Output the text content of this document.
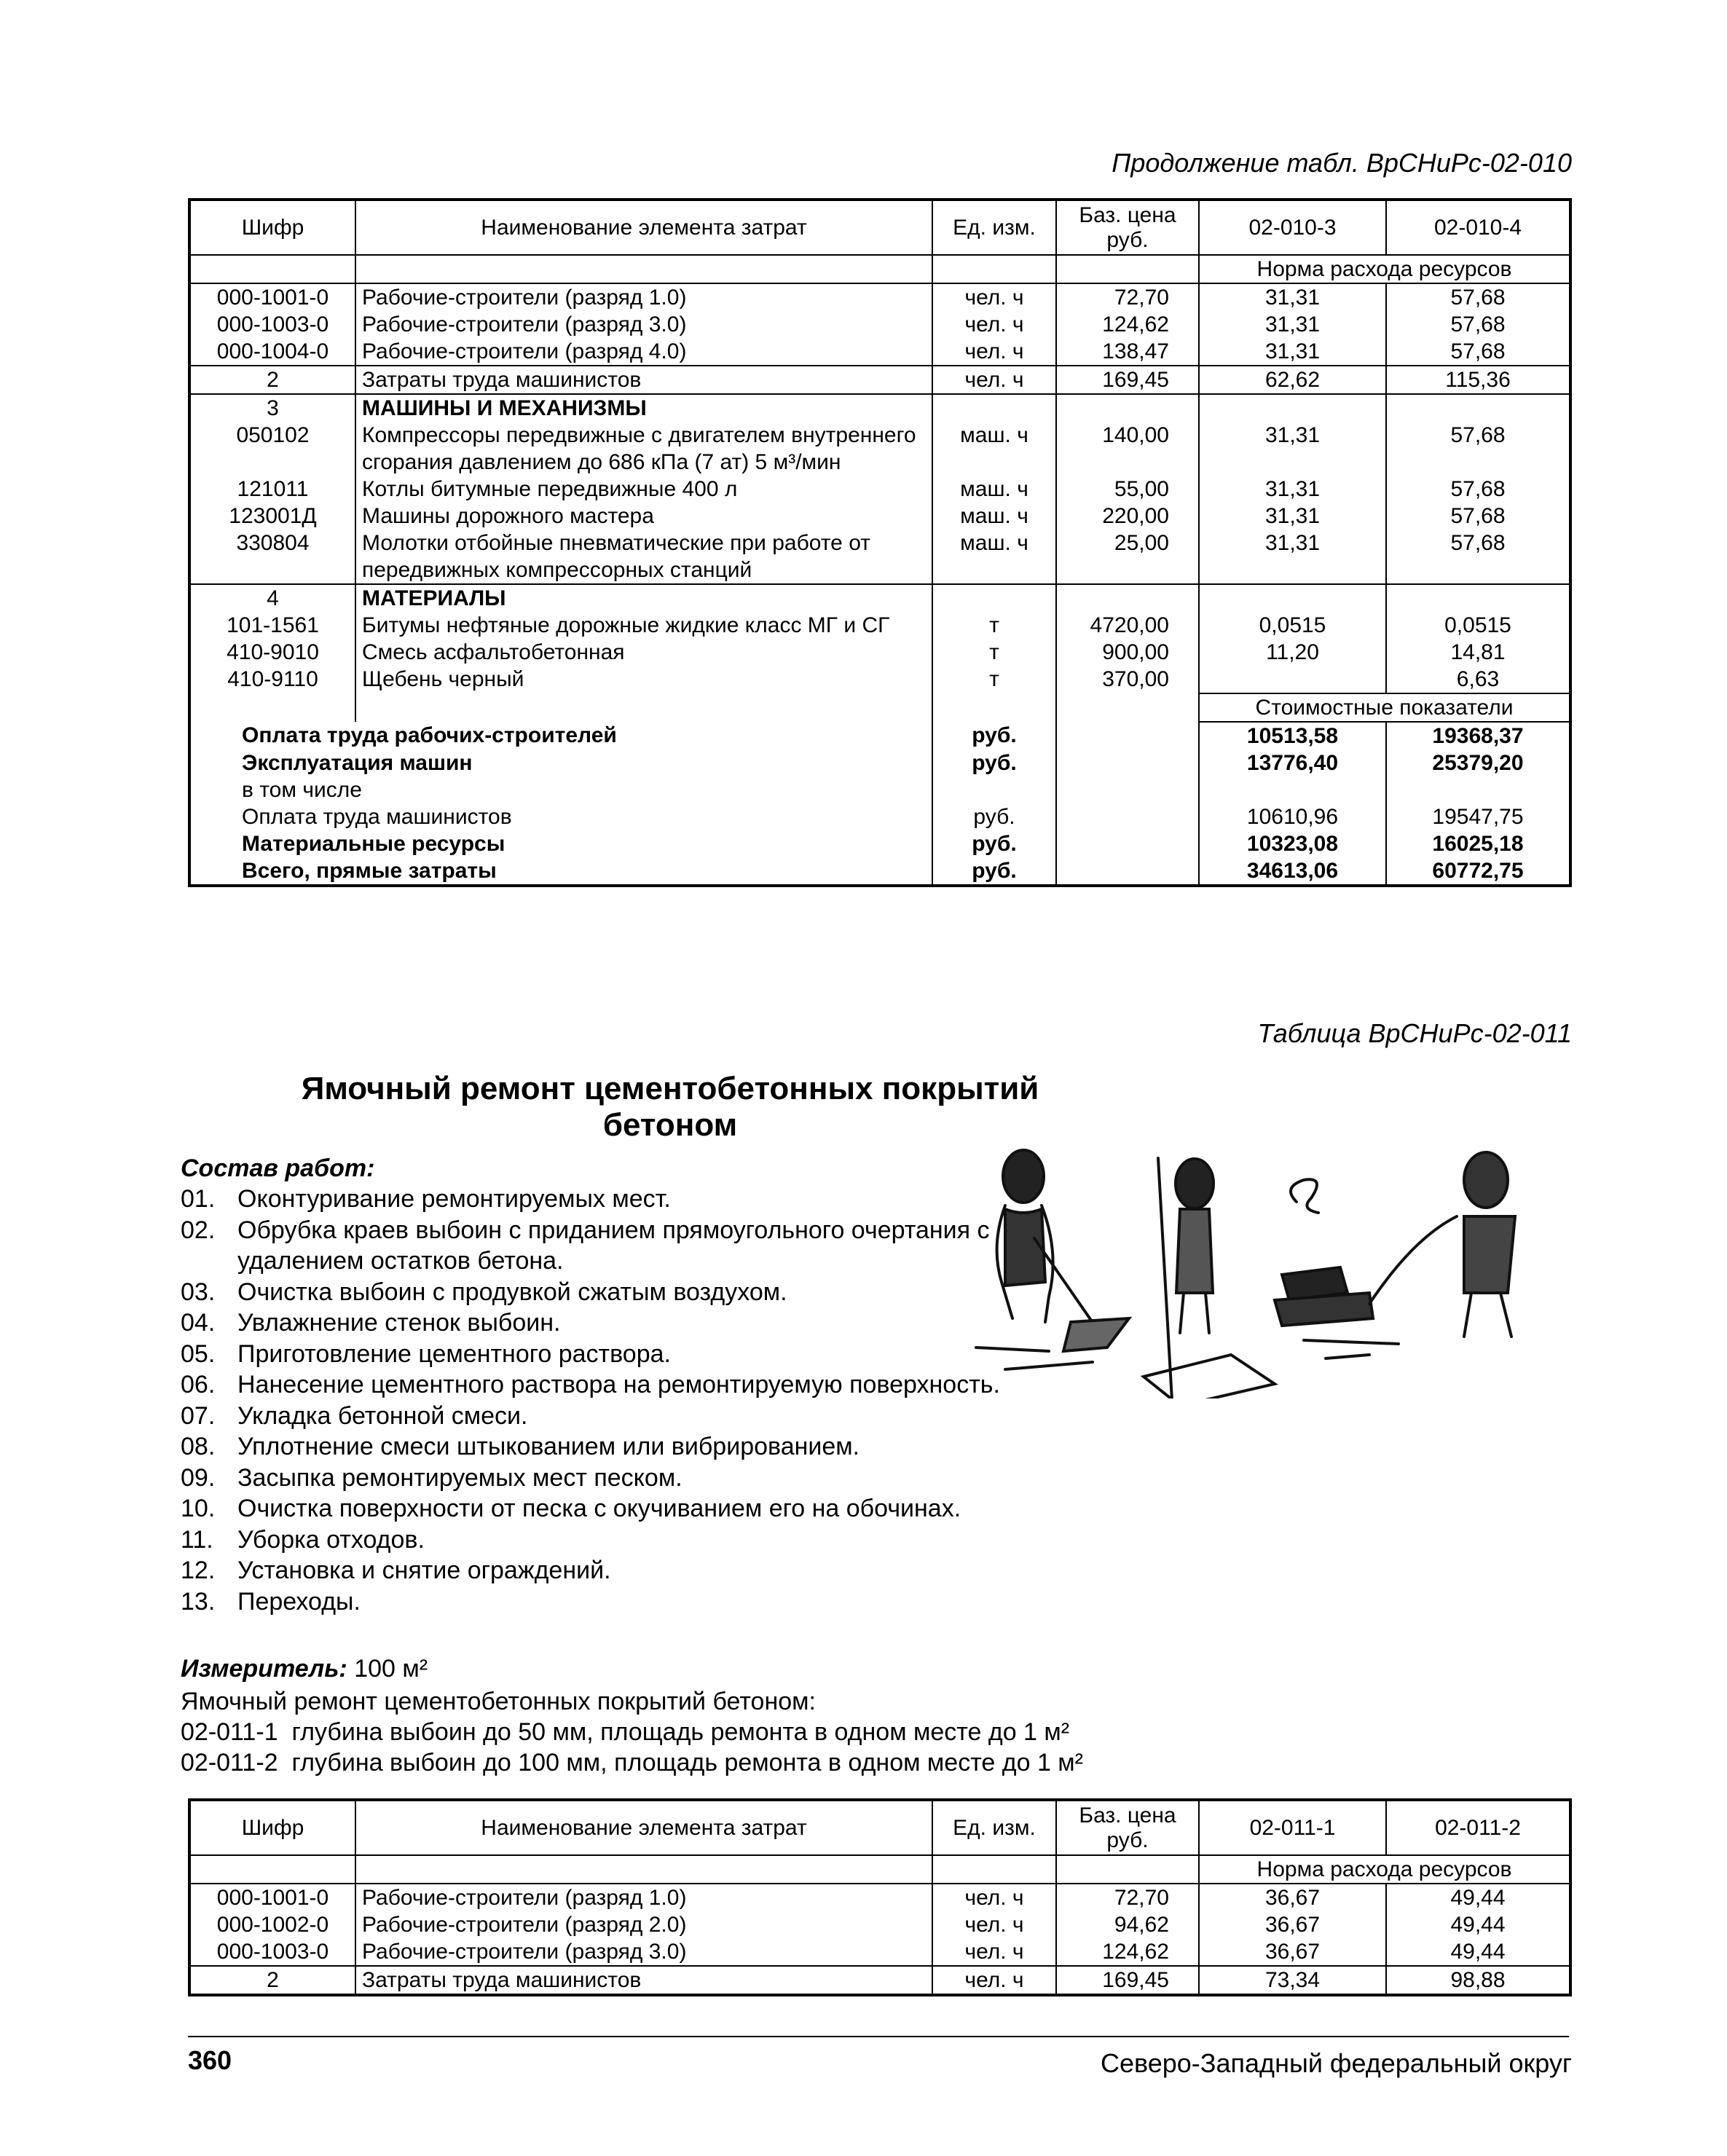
Продолжение табл. ВрСНиРс-02-010
Шифр	Наименование элемента затрат	Ед. изм.	Баз. цена руб.	02-010-3	02-010-4
				Норма расхода ресурсов	
000-1001-0	Рабочие-строители (разряд 1.0)	чел. ч	72,70	31,31	57,68
000-1003-0	Рабочие-строители (разряд 3.0)	чел. ч	124,62	31,31	57,68
000-1004-0	Рабочие-строители (разряд 4.0)	чел. ч	138,47	31,31	57,68
2	Затраты труда машинистов	чел. ч	169,45	62,62	115,36
3	МАШИНЫ И МЕХАНИЗМЫ				
050102	Компрессоры передвижные с двигателем внутреннего сгорания давлением до 686 кПа (7 ат) 5 м³/мин	маш. ч	140,00	31,31	57,68
121011	Котлы битумные передвижные 400 л	маш. ч	55,00	31,31	57,68
123001Д	Машины дорожного мастера	маш. ч	220,00	31,31	57,68
330804	Молотки отбойные пневматические при работе от передвижных компрессорных станций	маш. ч	25,00	31,31	57,68
4	МАТЕРИАЛЫ				
101-1561	Битумы нефтяные дорожные жидкие класс МГ и СГ	т	4720,00	0,0515	0,0515
410-9010	Смесь асфальтобетонная	т	900,00	11,20	14,81
410-9110	Щебень черный	т	370,00		6,63
				Стоимостные показатели	
Оплата труда рабочих-строителей		руб.		10513,58	19368,37
Эксплуатация машин		руб.		13776,40	25379,20
в том числе					
Оплата труда машинистов		руб.		10610,96	19547,75
Материальные ресурсы		руб.		10323,08	16025,18
Всего, прямые затраты		руб.		34613,06	60772,75
Таблица ВрСНиРс-02-011
Ямочный ремонт цементобетонных покрытий бетоном
Состав работ:
01. Оконтуривание ремонтируемых мест.
02. Обрубка краев выбоин с приданием прямоугольного очертания с удалением остатков бетона.
03. Очистка выбоин с продувкой сжатым воздухом.
04. Увлажнение стенок выбоин.
05. Приготовление цементного раствора.
06. Нанесение цементного раствора на ремонтируемую поверхность.
07. Укладка бетонной смеси.
08. Уплотнение смеси штыкованием или вибрированием.
09. Засыпка ремонтируемых мест песком.
10. Очистка поверхности от песка с окучиванием его на обочинах.
11. Уборка отходов.
12. Установка и снятие ограждений.
13. Переходы.
Измеритель: 100 м²
Ямочный ремонт цементобетонных покрытий бетоном:
02-011-1 глубина выбоин до 50 мм, площадь ремонта в одном месте до 1 м²
02-011-2 глубина выбоин до 100 мм, площадь ремонта в одном месте до 1 м²
Шифр	Наименование элемента затрат	Ед. изм.	Баз. цена руб.	02-011-1	02-011-2
				Норма расхода ресурсов	
000-1001-0	Рабочие-строители (разряд 1.0)	чел. ч	72,70	36,67	49,44
000-1002-0	Рабочие-строители (разряд 2.0)	чел. ч	94,62	36,67	49,44
000-1003-0	Рабочие-строители (разряд 3.0)	чел. ч	124,62	36,67	49,44
2	Затраты труда машинистов	чел. ч	169,45	73,34	98,88
360	Северо-Западный федеральный округ
